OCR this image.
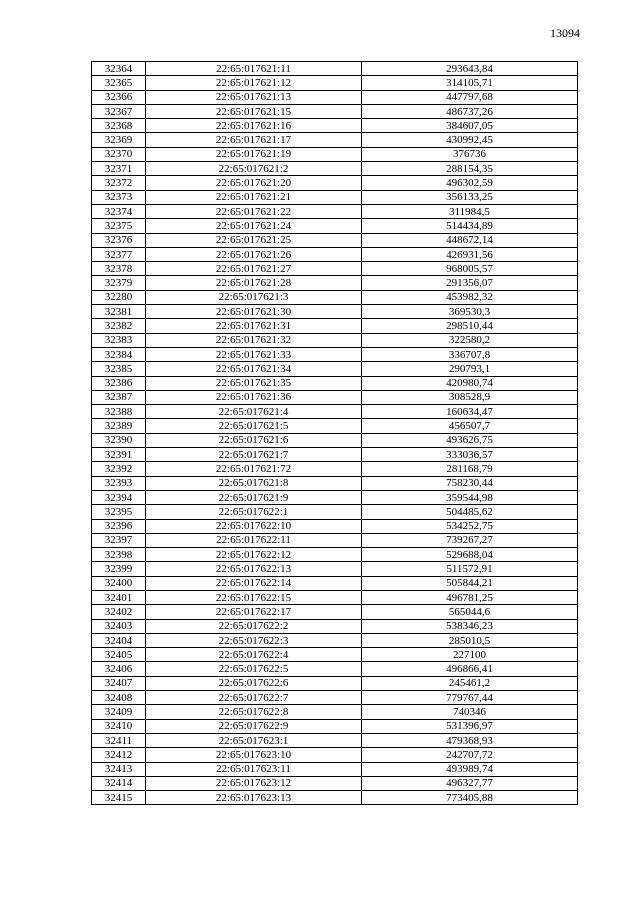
13094
32364	22:65:017621:11	293643,84
32365	22:65:017621:12	314105,71
32366	22:65:017621:13	447797,68
32367	22:65:017621:15	486737,26
32368	22:65:017621:16	384607,05
32369	22:65:017621:17	430992,45
32370	22:65:017621:19	376736
32371	22:65:017621:2	288154,35
32372	22:65:017621:20	496302,59
32373	22:65:017621:21	356133,25
32374	22:65:017621:22	311984,5
32375	22:65:017621:24	514434,89
32376	22:65:017621:25	448672,14
32377	22:65:017621:26	426931,56
32378	22:65:017621:27	968005,57
32379	22:65:017621:28	291356,07
32280	22:65:017621:3	453982,32
32381	22:65:017621:30	369530,3
32382	22:65:017621:31	298510,44
32383	22:65:017621:32	322580,2
32384	22:65:017621:33	336707,8
32385	22:65:017621:34	290793,1
32386	22:65:017621:35	420980,74
32387	22:65:017621:36	308528,9
32388	22:65:017621:4	160634,47
32389	22:65:017621:5	456507,7
32390	22:65:017621:6	493626,75
32391	22:65:017621:7	333036,57
32392	22:65:017621:72	281168,79
32393	22:65:017621:8	758230,44
32394	22:65:017621:9	359544,98
32395	22:65:017622:1	504485,62
32396	22:65:017622:10	534252,75
32397	22:65:017622:11	739267,27
32398	22:65:017622:12	529688,04
32399	22:65:017622:13	511572,91
32400	22:65:017622:14	505844,21
32401	22:65:017622:15	496781,25
32402	22:65:017622:17	565044,6
32403	22:65:017622:2	538346,23
32404	22:65:017622:3	285010,5
32405	22:65:017622:4	227100
32406	22:65:017622:5	496866,41
32407	22:65:017622:6	245461,2
32408	22:65:017622:7	779767,44
32409	22:65:017622:8	740346
32410	22:65:017622:9	531396,97
32411	22:65:017623:1	479368,93
32412	22:65:017623:10	242707,72
32413	22:65:017623:11	493989,74
32414	22:65:017623:12	496327,77
32415	22:65:017623:13	773405,88
